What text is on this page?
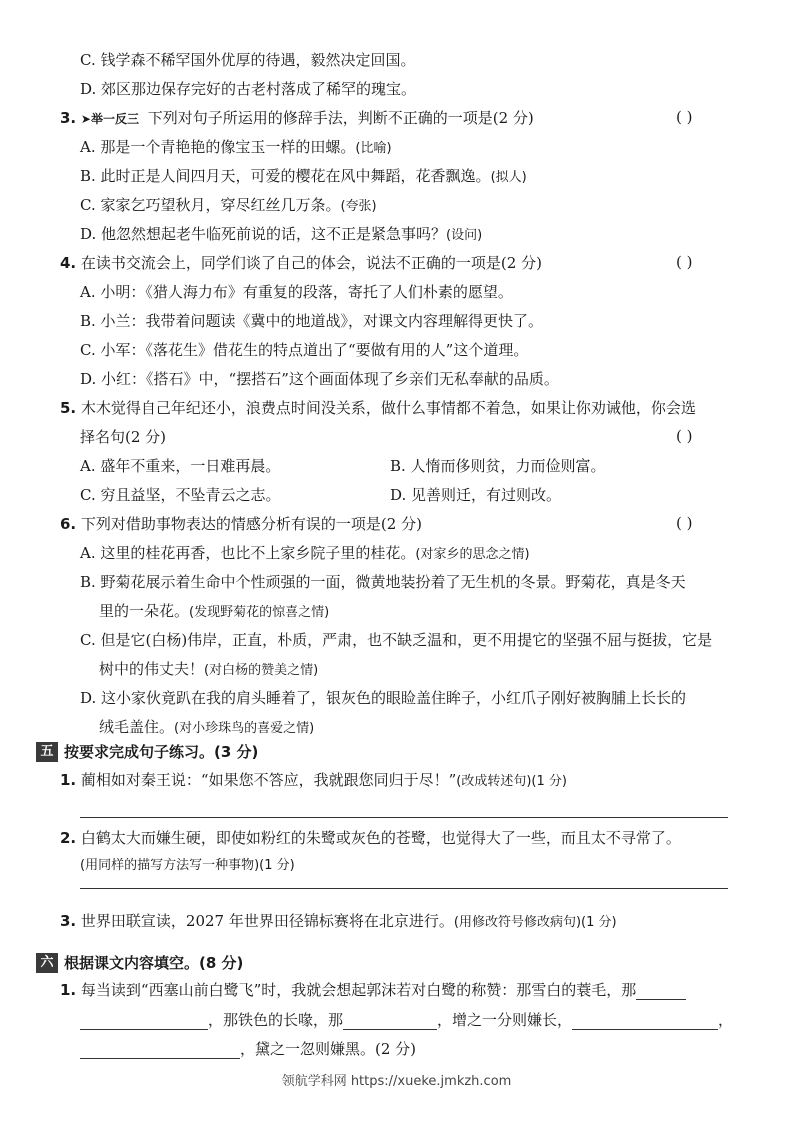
C. 钱学森不稀罕国外优厚的待遇，毅然决定回国。
D. 郊区那边保存完好的古老村落成了稀罕的瑰宝。
3. ➤举一反三 下列对句子所运用的修辞手法，判断不正确的一项是(2 分)	( )
A. 那是一个青艳艳的像宝玉一样的田螺。(比喻)
B. 此时正是人间四月天，可爱的樱花在风中舞蹈，花香飘逸。(拟人)
C. 家家乞巧望秋月，穿尽红丝几万条。(夸张)
D. 他忽然想起老牛临死前说的话，这不正是紧急事吗？(设问)
4. 在读书交流会上，同学们谈了自己的体会，说法不正确的一项是(2 分)	( )
A. 小明：《猎人海力布》有重复的段落，寄托了人们朴素的愿望。
B. 小兰：我带着问题读《冀中的地道战》，对课文内容理解得更快了。
C. 小军：《落花生》借花生的特点道出了“要做有用的人”这个道理。
D. 小红：《搭石》中，“摆搭石”这个画面体现了乡亲们无私奉献的品质。
5. 木木觉得自己年纪还小，浪费点时间没关系，做什么事情都不着急，如果让你劝诫他，你会选
择名句(2 分)	( )
A. 盛年不重来，一日难再晨。	B. 人惰而侈则贫，力而俭则富。
C. 穷且益坚，不坠青云之志。	D. 见善则迁，有过则改。
6. 下列对借助事物表达的情感分析有误的一项是(2 分)	( )
A. 这里的桂花再香，也比不上家乡院子里的桂花。(对家乡的思念之情)
B. 野菊花展示着生命中个性顽强的一面，微黄地装扮着了无生机的冬景。野菊花，真是冬天
里的一朵花。(发现野菊花的惊喜之情)
C. 但是它(白杨)伟岸，正直，朴质，严肃，也不缺乏温和，更不用提它的坚强不屈与挺拔，它是
树中的伟丈夫！(对白杨的赞美之情)
D. 这小家伙竟趴在我的肩头睡着了，银灰色的眼睑盖住眸子，小红爪子刚好被胸脯上长长的
绒毛盖住。(对小珍珠鸟的喜爱之情)
五 按要求完成句子练习。(3 分)
1. 蔺相如对秦王说：“如果您不答应，我就跟您同归于尽！”(改成转述句)(1 分)
2. 白鹤太大而嫌生硬，即使如粉红的朱鹭或灰色的苍鹭，也觉得大了一些，而且太不寻常了。
(用同样的描写方法写一种事物)(1 分)
3. 世界田联宣读，2027 年世界田径锦标赛将在北京进行。(用修改符号修改病句)(1 分)
六 根据课文内容填空。(8 分)
1. 每当读到“西塞山前白鹭飞”时，我就会想起郭沫若对白鹭的称赞：那雪白的蓑毛，那
，那铁色的长喙，那	，增之一分则嫌长，	，
，黛之一忽则嫌黑。(2 分)
领航学科网 https://xueke.jmkzh.com
